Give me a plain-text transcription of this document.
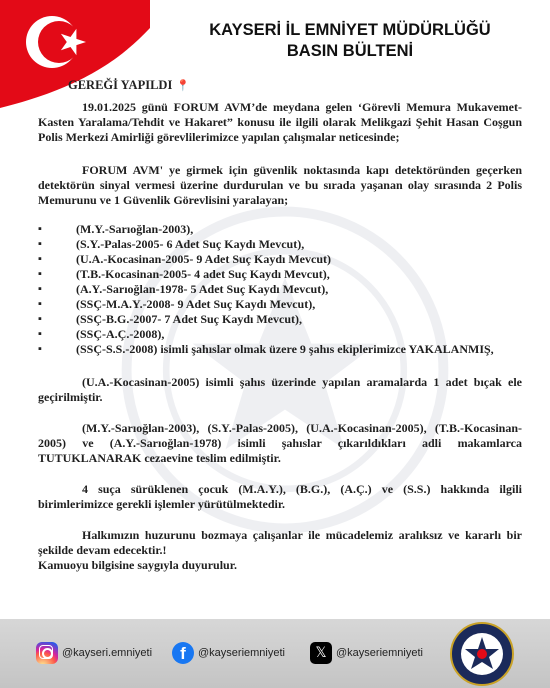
KAYSERİ İL EMNİYET MÜDÜRLÜĞÜ
BASIN BÜLTENİ
GEREĞİ YAPILDI 📍

19.01.2025 günü FORUM AVM’de meydana gelen ‘Görevli Memura Mukavemet-Kasten Yaralama/Tehdit ve Hakaret” konusu ile ilgili olarak Melikgazi Şehit Hasan Coşgun Polis Merkezi Amirliği görevlilerimizce yapılan çalışmalar neticesinde;

FORUM AVM' ye girmek için güvenlik noktasında kapı detektöründen geçerken detektörün sinyal vermesi üzerine durdurulan ve bu sırada yaşanan olay sırasında 2 Polis Memurunu ve 1 Güvenlik Görevlisini yaralayan;

▪ (M.Y.-Sarıoğlan-2003),
▪ (S.Y.-Palas-2005- 6 Adet Suç Kaydı Mevcut),
▪ (U.A.-Kocasinan-2005- 9 Adet Suç Kaydı Mevcut)
▪ (T.B.-Kocasinan-2005- 4 adet Suç Kaydı Mevcut),
▪ (A.Y.-Sarıoğlan-1978- 5 Adet Suç Kaydı Mevcut),
▪ (SSÇ-M.A.Y.-2008- 9 Adet Suç Kaydı Mevcut),
▪ (SSÇ-B.G.-2007- 7 Adet Suç Kaydı Mevcut),
▪ (SSÇ-A.Ç.-2008),
▪ (SSÇ-S.S.-2008) isimli şahıslar olmak üzere 9 şahıs ekiplerimizce YAKALANMIŞ,

(U.A.-Kocasinan-2005) isimli şahıs üzerinde yapılan aramalarda 1 adet bıçak ele geçirilmiştir.

(M.Y.-Sarıoğlan-2003), (S.Y.-Palas-2005), (U.A.-Kocasinan-2005), (T.B.-Kocasinan-2005) ve (A.Y.-Sarıoğlan-1978) isimli şahıslar çıkarıldıkları adli makamlarca TUTUKLANARAK cezaevine teslim edilmiştir.

4 suça sürüklenen çocuk (M.A.Y.), (B.G.), (A.Ç.) ve (S.S.) hakkında ilgili birimlerimizce gerekli işlemler yürütülmektedir.

Halkımızın huzurunu bozmaya çalışanlar ile mücadelemiz aralıksız ve kararlı bir şekilde devam edecektir.!

Kamuoyu bilgisine saygıyla duyurulur.

@kayseri.emniyeti	f	@kayseriemniyeti	𝕏 @kayseriemniyeti
